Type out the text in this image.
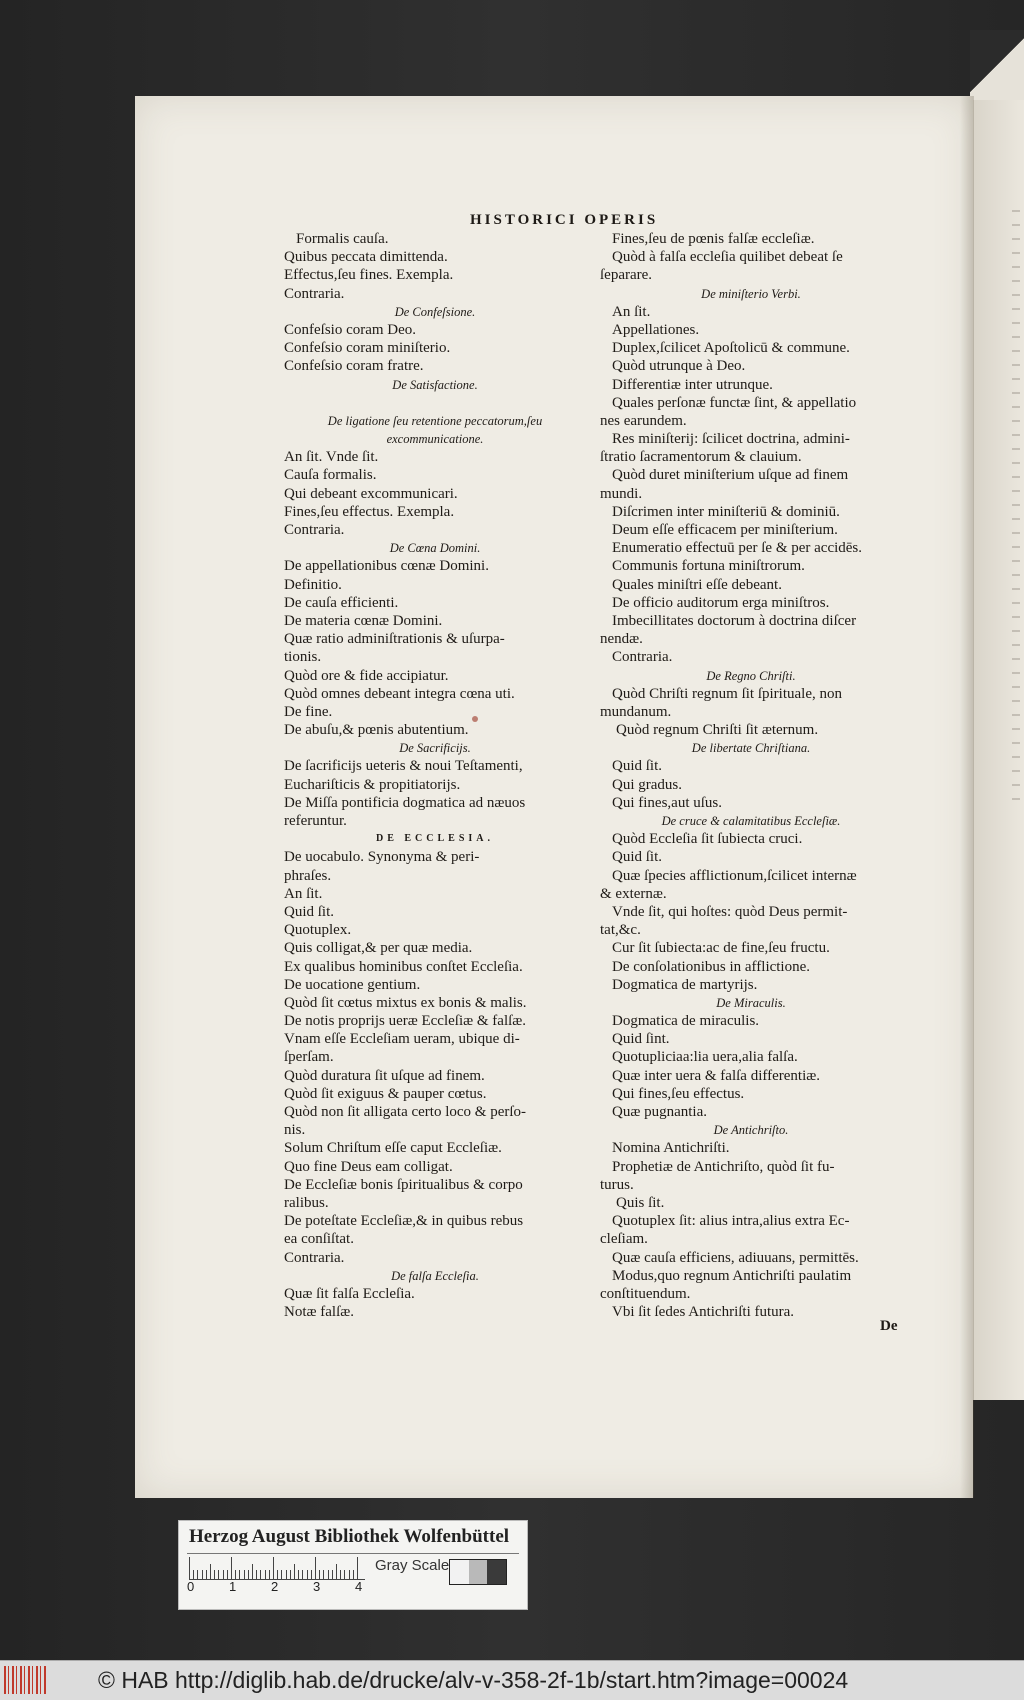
HISTORICI OPERIS
Formalis cauſa.
Quibus peccata dimittenda.
Effectus,ſeu fines. Exempla.
Contraria.
De Confeſsione.
Confeſsio coram Deo.
Confeſsio coram miniſterio.
Confeſsio coram fratre.
De Satisfactione.
De ligatione ſeu retentione peccatorum,ſeu
excommunicatione.
An ſit. Vnde ſit.
Cauſa formalis.
Qui debeant excommunicari.
Fines,ſeu effectus. Exempla.
Contraria.
De Cœna Domini.
De appellationibus cœnæ Domini.
Definitio.
De cauſa efficienti.
De materia cœnæ Domini.
Quæ ratio adminiſtrationis & uſurpa-
tionis.
Quòd ore & fide accipiatur.
Quòd omnes debeant integra cœna uti.
De fine.
De abuſu,& pœnis abutentium.
De Sacrificijs.
De ſacrificijs ueteris & noui Teſtamenti,
Euchariſticis & propitiatorijs.
De Miſſa pontificia dogmatica ad næuos
referuntur.
DE ECCLESIA.
De uocabulo. Synonyma & peri-
phraſes.
An ſit.
Quid ſit.
Quotuplex.
Quis colligat,& per quæ media.
Ex qualibus hominibus conſtet Eccleſia.
De uocatione gentium.
Quòd ſit cœtus mixtus ex bonis & malis.
De notis proprijs ueræ Eccleſiæ & falſæ.
Vnam eſſe Eccleſiam ueram, ubique di-
ſperſam.
Quòd duratura ſit uſque ad finem.
Quòd ſit exiguus & pauper cœtus.
Quòd non ſit alligata certo loco & perſo-
nis.
Solum Chriſtum eſſe caput Eccleſiæ.
Quo fine Deus eam colligat.
De Eccleſiæ bonis ſpiritualibus & corpo
ralibus.
De poteſtate Eccleſiæ,& in quibus rebus
ea conſiſtat.
Contraria.
De falſa Eccleſia.
Quæ ſit falſa Eccleſia.
Notæ falſæ.
Fines,ſeu de pœnis falſæ eccleſiæ.
Quòd à falſa eccleſia quilibet debeat ſe
ſeparare.
De miniſterio Verbi.
An ſit.
Appellationes.
Duplex,ſcilicet Apoſtolicū & commune.
Quòd utrunque à Deo.
Differentiæ inter utrunque.
Quales perſonæ functæ ſint, & appellatio
nes earundem.
Res miniſterij: ſcilicet doctrina, admini-
ſtratio ſacramentorum & clauium.
Quòd duret miniſterium uſque ad finem
mundi.
Diſcrimen inter miniſteriū & dominiū.
Deum eſſe efficacem per miniſterium.
Enumeratio effectuū per ſe & per accidēs.
Communis fortuna miniſtrorum.
Quales miniſtri eſſe debeant.
De officio auditorum erga miniſtros.
Imbecillitates doctorum à doctrina diſcer
nendæ.
Contraria.
De Regno Chriſti.
Quòd Chriſti regnum ſit ſpirituale, non
mundanum.
Quòd regnum Chriſti ſit æternum.
De libertate Chriſtiana.
Quid ſit.
Qui gradus.
Qui fines,aut uſus.
De cruce & calamitatibus Eccleſiæ.
Quòd Eccleſia ſit ſubiecta cruci.
Quid ſit.
Quæ ſpecies afflictionum,ſcilicet internæ
& externæ.
Vnde ſit, qui hoſtes: quòd Deus permit-
tat,&c.
Cur ſit ſubiecta:ac de fine,ſeu fructu.
De conſolationibus in afflictione.
Dogmatica de martyrijs.
De Miraculis.
Dogmatica de miraculis.
Quid ſint.
Quotupliciaa:lia uera,alia falſa.
Quæ inter uera & falſa differentiæ.
Qui fines,ſeu effectus.
Quæ pugnantia.
De Antichriſto.
Nomina Antichriſti.
Prophetiæ de Antichriſto, quòd ſit fu-
turus.
Quis ſit.
Quotuplex ſit: alius intra,alius extra Ec-
cleſiam.
Quæ cauſa efficiens, adiuuans, permittēs.
Modus,quo regnum Antichriſti paulatim
conſtituendum.
Vbi ſit ſedes Antichriſti futura.
De
Herzog August Bibliothek Wolfenbüttel
0	1	2	3	4
Gray Scale
© HAB http://diglib.hab.de/drucke/alv-v-358-2f-1b/start.htm?image=00024
